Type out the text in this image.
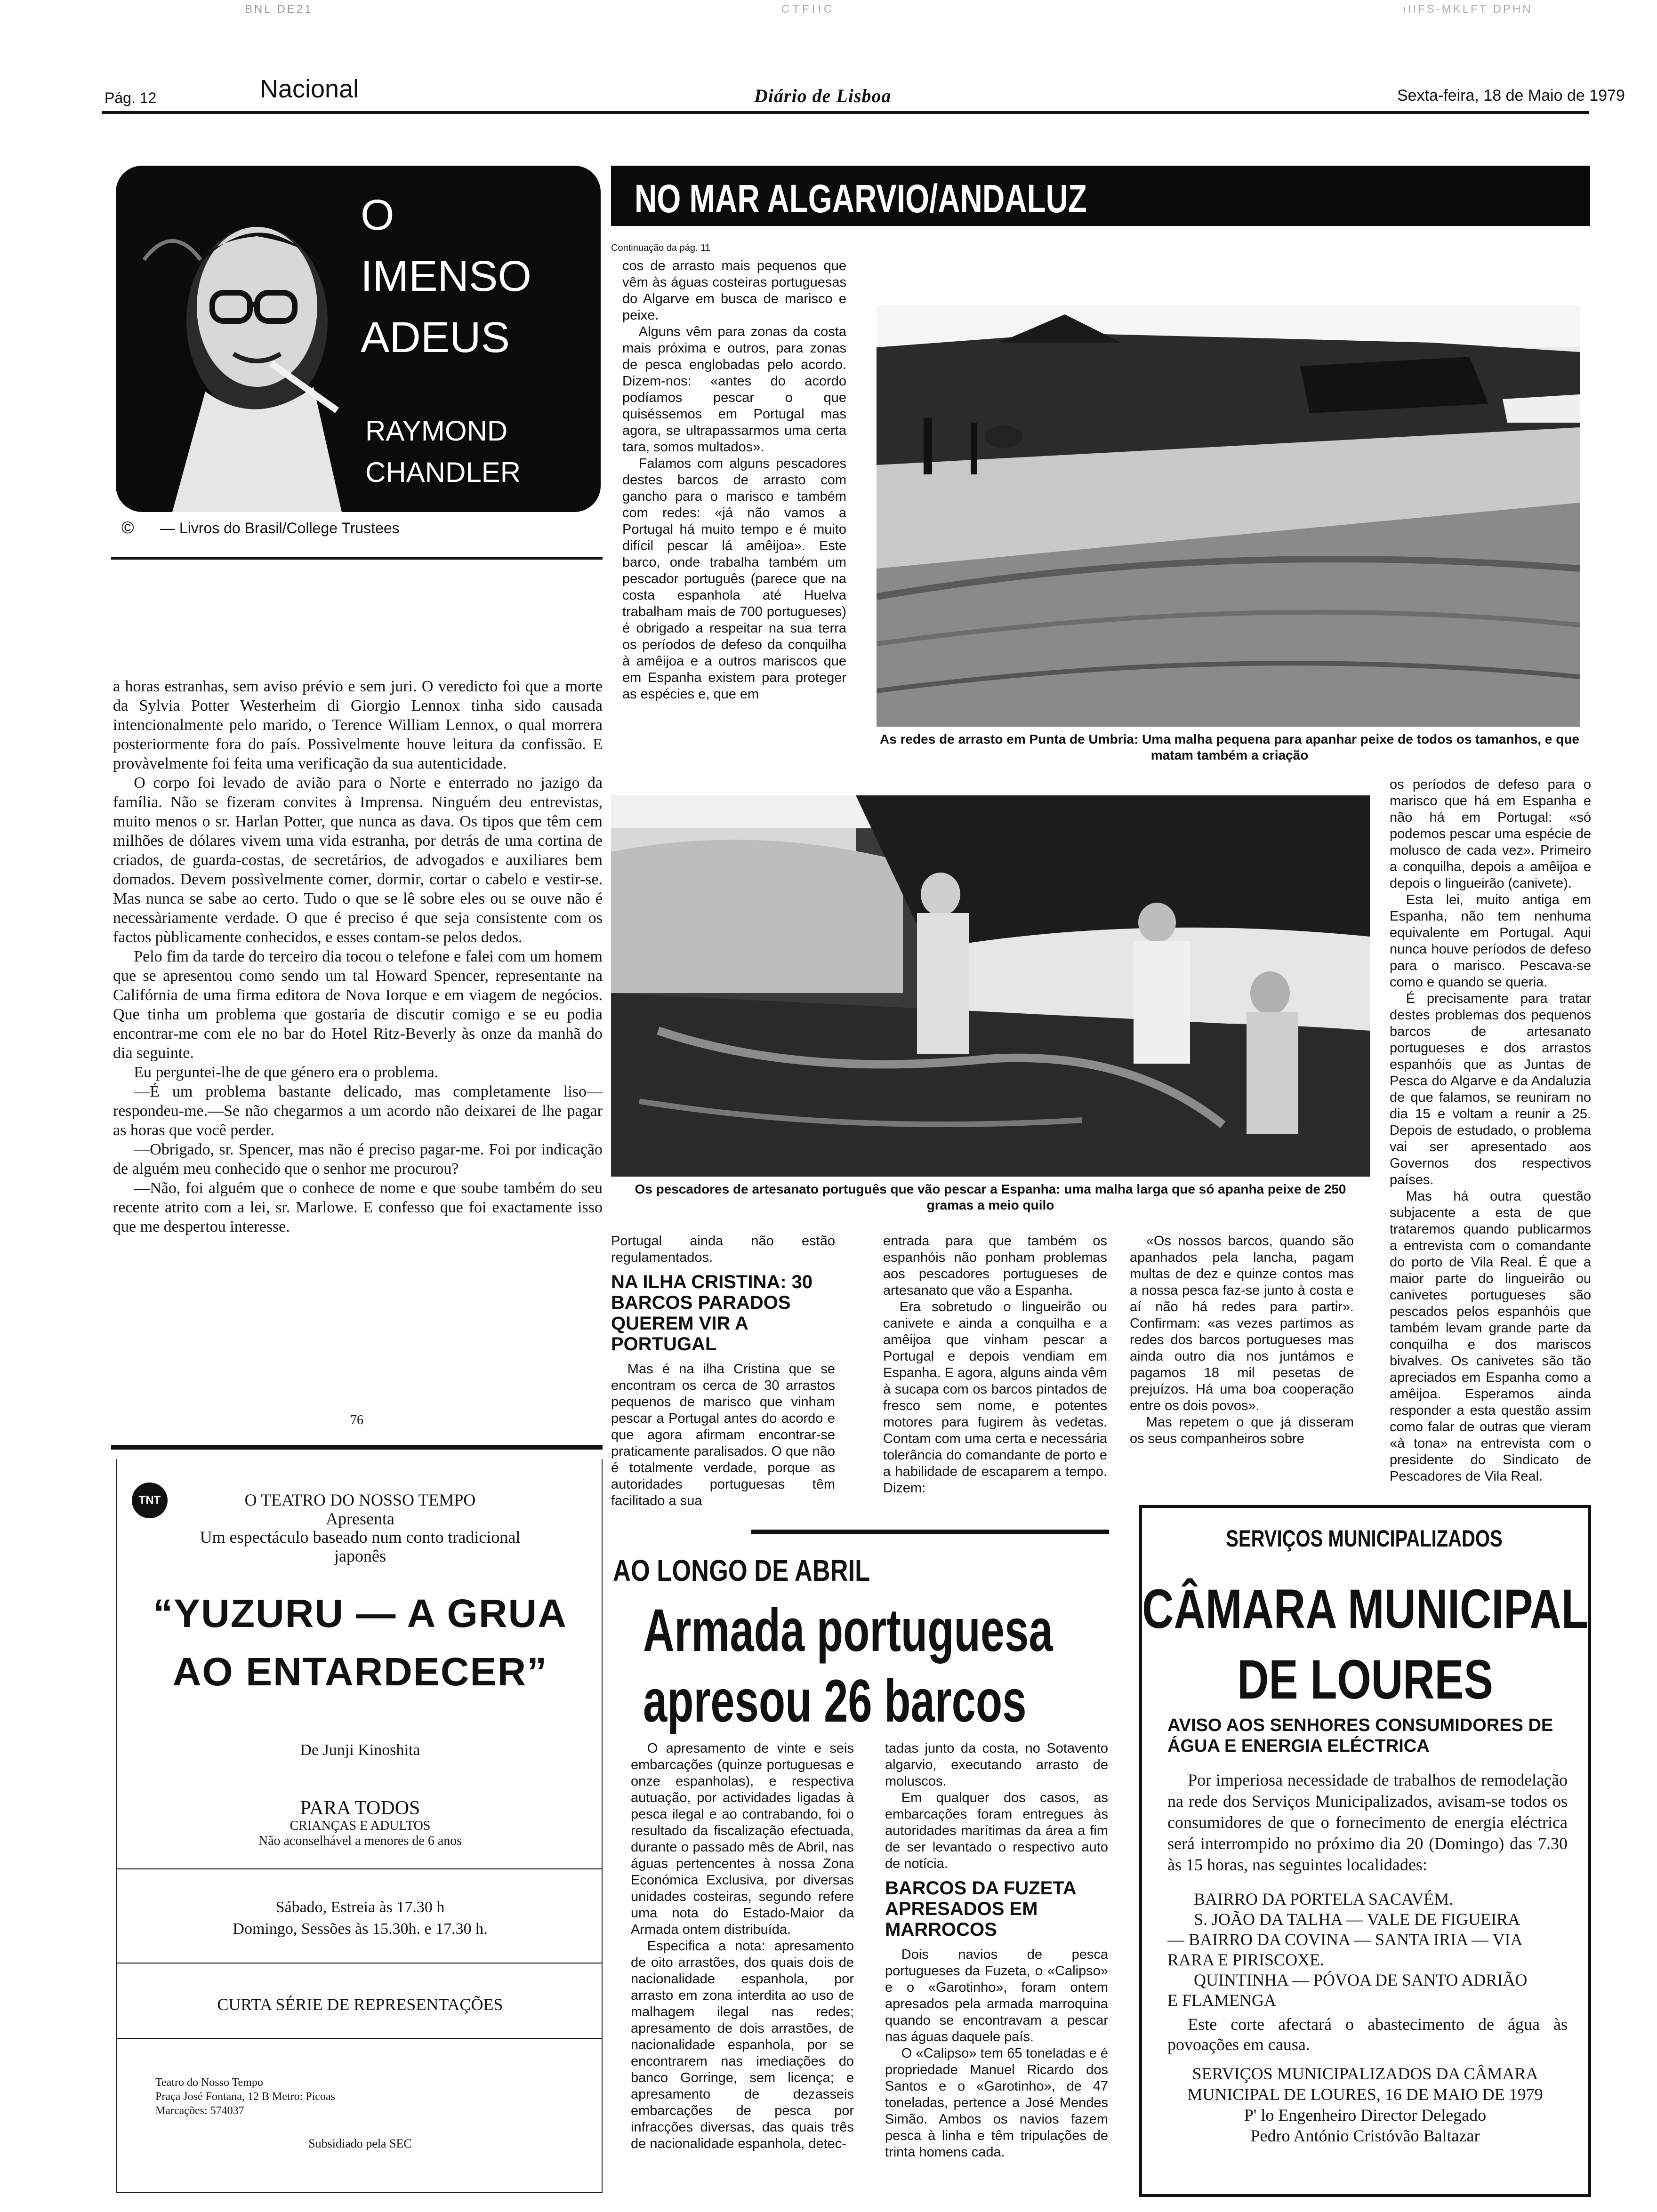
BNL DE21	CTFIIC	ıIIFS-MKLFT DPHN
Pág. 12	Nacional	Diário de Lisboa	Sexta-feira, 18 de Maio de 1979
O
IMENSO
ADEUS
RAYMOND
CHANDLER
© — Livros do Brasil/College Trustees

a horas estranhas, sem aviso prévio e sem juri. O veredicto foi que a morte da Sylvia Potter Westerheim di Giorgio Lennox tinha sido causada intencionalmente pelo marido, o Terence William Lennox, o qual morrera posteriormente fora do país. Possìvelmente houve leitura da confissão. E provàvelmente foi feita uma verificação da sua autenticidade.

O corpo foi levado de avião para o Norte e enterrado no jazigo da família. Não se fizeram convites à Imprensa. Ninguém deu entrevistas, muito menos o sr. Harlan Potter, que nunca as dava. Os tipos que têm cem milhões de dólares vivem uma vida estranha, por detrás de uma cortina de criados, de guarda-costas, de secretários, de advogados e auxiliares bem domados. Devem possìvelmente comer, dormir, cortar o cabelo e vestir-se. Mas nunca se sabe ao certo. Tudo o que se lê sobre eles ou se ouve não é necessàriamente verdade. O que é preciso é que seja consistente com os factos pùblicamente conhecidos, e esses contam-se pelos dedos.

Pelo fim da tarde do terceiro dia tocou o telefone e falei com um homem que se apresentou como sendo um tal Howard Spencer, representante na Califórnia de uma firma editora de Nova Iorque e em viagem de negócios. Que tinha um problema que gostaria de discutir comigo e se eu podia encontrar-me com ele no bar do Hotel Ritz-Beverly às onze da manhã do dia seguinte.

Eu perguntei-lhe de que género era o problema.

—É um problema bastante delicado, mas completamente liso—respondeu-me.—Se não chegarmos a um acordo não deixarei de lhe pagar as horas que você perder.

—Obrigado, sr. Spencer, mas não é preciso pagar-me. Foi por indicação de alguém meu conhecido que o senhor me procurou?

—Não, foi alguém que o conhece de nome e que soube também do seu recente atrito com a lei, sr. Marlowe. E confesso que foi exactamente isso que me despertou interesse.

76
TNT	O TEATRO DO NOSSO TEMPO
Apresenta
Um espectáculo baseado num conto tradicional japonês
“YUZURU — A GRUA
AO ENTARDECER”
De Junji Kinoshita
PARA TODOS
CRIANÇAS E ADULTOS
Não aconselhável a menores de 6 anos
Sábado, Estreia às 17.30 h
Domingo, Sessões às 15.30h. e 17.30 h.
CURTA SÉRIE DE REPRESENTAÇÕES
Teatro do Nosso Tempo
Praça José Fontana, 12 B Metro: Picoas
Marcações: 574037
Subsidiado pela SEC
NO MAR ALGARVIO/ANDALUZ
Continuação da pág. 11

cos de arrasto mais pequenos que vêm às águas costeiras portuguesas do Algarve em busca de marisco e peixe.

Alguns vêm para zonas da costa mais próxima e outros, para zonas de pesca englobadas pelo acordo. Dizem-nos: «antes do acordo podíamos pescar o que quiséssemos em Portugal mas agora, se ultrapassarmos uma certa tara, somos multados».

Falamos com alguns pescadores destes barcos de arrasto com gancho para o marisco e também com redes: «já não vamos a Portugal há muito tempo e é muito difícil pescar lá amêijoa». Este barco, onde trabalha também um pescador português (parece que na costa espanhola até Huelva trabalham mais de 700 portugueses) é obrigado a respeitar na sua terra os períodos de defeso da conquilha à amêijoa e a outros mariscos que em Espanha existem para proteger as espécies e, que em

As redes de arrasto em Punta de Umbria: Uma malha pequena para apanhar peixe de todos os tamanhos, e que matam também a criação
Os pescadores de artesanato português que vão pescar a Espanha: uma malha larga que só apanha peixe de 250 gramas a meio quilo

os períodos de defeso para o marisco que há em Espanha e não há em Portugal: «só podemos pescar uma espécie de molusco de cada vez». Primeiro a conquilha, depois a amêijoa e depois o lingueirão (canivete).

Esta lei, muito antiga em Espanha, não tem nenhuma equivalente em Portugal. Aqui nunca houve períodos de defeso para o marisco. Pescava-se como e quando se queria.

É precisamente para tratar destes problemas dos pequenos barcos de artesanato portugueses e dos arrastos espanhóis que as Juntas de Pesca do Algarve e da Andaluzia de que falamos, se reuniram no dia 15 e voltam a reunir a 25. Depois de estudado, o problema vai ser apresentado aos Governos dos respectivos países.

Mas há outra questão subjacente a esta de que trataremos quando publicarmos a entrevista com o comandante do porto de Vila Real. É que a maior parte do lingueirão ou canivetes portugueses são pescados pelos espanhóis que também levam grande parte da conquilha e dos mariscos bivalves. Os canivetes são tão apreciados em Espanha como a amêijoa. Esperamos ainda responder a esta questão assim como falar de outras que vieram «à tona» na entrevista com o presidente do Sindicato de Pescadores de Vila Real.

Portugal ainda não estão regulamentados.

NA ILHA CRISTINA: 30 BARCOS PARADOS QUEREM VIR A PORTUGAL

Mas é na ilha Cristina que se encontram os cerca de 30 arrastos pequenos de marisco que vinham pescar a Portugal antes do acordo e que agora afirmam encontrar-se praticamente paralisados. O que não é totalmente verdade, porque as autoridades portuguesas têm facilitado a sua

entrada para que também os espanhóis não ponham problemas aos pescadores portugueses de artesanato que vão a Espanha.

Era sobretudo o lingueirão ou canivete e ainda a conquilha e a amêijoa que vinham pescar a Portugal e depois vendiam em Espanha. E agora, alguns ainda vêm à sucapa com os barcos pintados de fresco sem nome, e potentes motores para fugirem às vedetas. Contam com uma certa e necessária tolerância do comandante de porto e a habilidade de escaparem a tempo. Dizem:

«Os nossos barcos, quando são apanhados pela lancha, pagam multas de dez e quinze contos mas a nossa pesca faz-se junto à costa e aí não há redes para partir». Confirmam: «as vezes partimos as redes dos barcos portugueses mas ainda outro dia nos juntámos e pagamos 18 mil pesetas de prejuízos. Há uma boa cooperação entre os dois povos».

Mas repetem o que já disseram os seus companheiros sobre

AO LONGO DE ABRIL
Armada portuguesa
apresou 26 barcos

O apresamento de vinte e seis embarcações (quinze portuguesas e onze espanholas), e respectiva autuação, por actividades ligadas à pesca ilegal e ao contrabando, foi o resultado da fiscalização efectuada, durante o passado mês de Abril, nas águas pertencentes à nossa Zona Económica Exclusiva, por diversas unidades costeiras, segundo refere uma nota do Estado-Maior da Armada ontem distribuída.

Especifica a nota: apresamento de oito arrastões, dos quais dois de nacionalidade espanhola, por arrasto em zona interdita ao uso de malhagem ilegal nas redes; apresamento de dois arrastões, de nacionalidade espanhola, por se encontrarem nas imediações do banco Gorringe, sem licença; e apresamento de dezasseis embarcações de pesca por infracções diversas, das quais três de nacionalidade espanhola, detec-

tadas junto da costa, no Sotavento algarvio, executando arrasto de moluscos.

Em qualquer dos casos, as embarcações foram entregues às autoridades marítimas da área a fim de ser levantado o respectivo auto de notícia.

BARCOS DA FUZETA APRESADOS EM MARROCOS

Dois navios de pesca portugueses da Fuzeta, o «Calipso» e o «Garotinho», foram ontem apresados pela armada marroquina quando se encontravam a pescar nas águas daquele país.

O «Calipso» tem 65 toneladas e é propriedade Manuel Ricardo dos Santos e o «Garotinho», de 47 toneladas, pertence a José Mendes Simão. Ambos os navios fazem pesca à linha e têm tripulações de trinta homens cada.

SERVIÇOS MUNICIPALIZADOS
CÂMARA MUNICIPAL
DE LOURES
AVISO AOS SENHORES CONSUMIDORES DE
ÁGUA E ENERGIA ELÉCTRICA
Por imperiosa necessidade de trabalhos de remodelação na rede dos Serviços Municipalizados, avisam-se todos os consumidores de que o fornecimento de energia eléctrica será interrompido no próximo dia 20 (Domingo) das 7.30 às 15 horas, nas seguintes localidades:
BAIRRO DA PORTELA SACAVÉM.
S. JOÃO DA TALHA — VALE DE FIGUEIRA
— BAIRRO DA COVINA — SANTA IRIA — VIA
RARA E PIRISCOXE.
QUINTINHA — PÓVOA DE SANTO ADRIÃO
E FLAMENGA
Este corte afectará o abastecimento de água às povoações em causa.
SERVIÇOS MUNICIPALIZADOS DA CÂMARA
MUNICIPAL DE LOURES, 16 DE MAIO DE 1979
P' lo Engenheiro Director Delegado
Pedro António Cristóvão Baltazar
